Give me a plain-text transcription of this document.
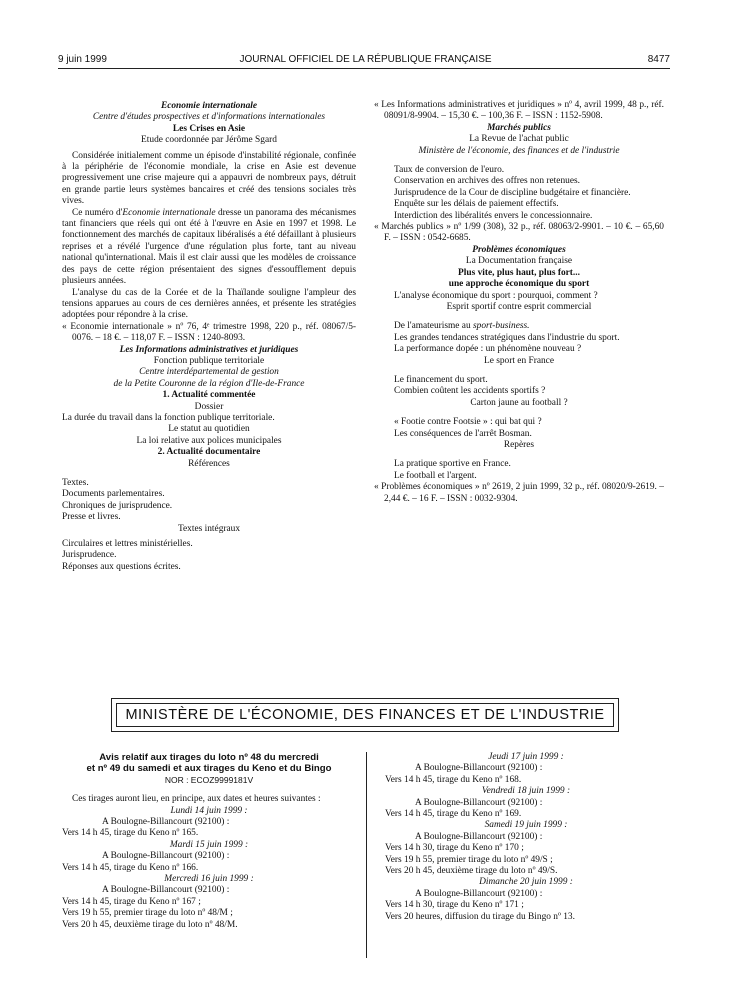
9 juin 1999	JOURNAL OFFICIEL DE LA RÉPUBLIQUE FRANÇAISE	8477
Economie internationale
Centre d'études prospectives et d'informations internationales
Les Crises en Asie
Etude coordonnée par Jérôme Sgard

Considérée initialement comme un épisode d'instabilité régionale, confinée à la périphérie de l'économie mondiale, la crise en Asie est devenue progressivement une crise majeure qui a appauvri de nombreux pays, détruit en grande partie leurs systèmes bancaires et créé des tensions sociales très vives.

Ce numéro d'Economie internationale dresse un panorama des mécanismes tant financiers que réels qui ont été à l'œuvre en Asie en 1997 et 1998. Le fonctionnement des marchés de capitaux libéralisés a été défaillant à plusieurs reprises et a révélé l'urgence d'une régulation plus forte, tant au niveau national qu'international. Mais il est clair aussi que les modèles de croissance des pays de cette région présentaient des signes d'essoufflement depuis plusieurs années.

L'analyse du cas de la Corée et de la Thaïlande souligne l'ampleur des tensions apparues au cours de ces dernières années, et présente les stratégies adoptées pour répondre à la crise.

« Economie internationale » nº 76, 4ᵉ trimestre 1998, 220 p., réf. 08067/5-0076. – 18 €. – 118,07 F. – ISSN : 1240-8093.

Les Informations administratives et juridiques
Fonction publique territoriale
Centre interdépartemental de gestion
de la Petite Couronne de la région d'Ile-de-France
1. Actualité commentée
Dossier
La durée du travail dans la fonction publique territoriale.
Le statut au quotidien
La loi relative aux polices municipales
2. Actualité documentaire
Références
Textes.
Documents parlementaires.
Chroniques de jurisprudence.
Presse et livres.
Textes intégraux
Circulaires et lettres ministérielles.
Jurisprudence.
Réponses aux questions écrites.

« Les Informations administratives et juridiques » nº 4, avril 1999, 48 p., réf. 08091/8-9904. – 15,30 €. – 100,36 F. – ISSN : 1152-5908.

Marchés publics
La Revue de l'achat public
Ministère de l'économie, des finances et de l'industrie
Taux de conversion de l'euro.
Conservation en archives des offres non retenues.
Jurisprudence de la Cour de discipline budgétaire et financière.
Enquête sur les délais de paiement effectifs.
Interdiction des libéralités envers le concessionnaire.

« Marchés publics » nº 1/99 (308), 32 p., réf. 08063/2-9901. – 10 €. – 65,60 F. – ISSN : 0542-6685.

Problèmes économiques
La Documentation française
Plus vite, plus haut, plus fort...
une approche économique du sport
L'analyse économique du sport : pourquoi, comment ?
Esprit sportif contre esprit commercial
De l'amateurisme au sport-business.
Les grandes tendances stratégiques dans l'industrie du sport.
La performance dopée : un phénomène nouveau ?
Le sport en France
Le financement du sport.
Combien coûtent les accidents sportifs ?
Carton jaune au football ?
« Footie contre Footsie » : qui bat qui ?
Les conséquences de l'arrêt Bosman.
Repères
La pratique sportive en France.
Le football et l'argent.

« Problèmes économiques » nº 2619, 2 juin 1999, 32 p., réf. 08020/9-2619. – 2,44 €. – 16 F. – ISSN : 0032-9304.

MINISTÈRE DE L'ÉCONOMIE, DES FINANCES ET DE L'INDUSTRIE
Avis relatif aux tirages du loto nº 48 du mercredi
et nº 49 du samedi et aux tirages du Keno et du Bingo
NOR : ECOZ9999181V

Ces tirages auront lieu, en principe, aux dates et heures suivantes :

Lundi 14 juin 1999 :
A Boulogne-Billancourt (92100) :
Vers 14 h 45, tirage du Keno nº 165.
Mardi 15 juin 1999 :
A Boulogne-Billancourt (92100) :
Vers 14 h 45, tirage du Keno nº 166.
Mercredi 16 juin 1999 :
A Boulogne-Billancourt (92100) :
Vers 14 h 45, tirage du Keno nº 167 ;
Vers 19 h 55, premier tirage du loto nº 48/M ;
Vers 20 h 45, deuxième tirage du loto nº 48/M.
Jeudi 17 juin 1999 :
A Boulogne-Billancourt (92100) :
Vers 14 h 45, tirage du Keno nº 168.
Vendredi 18 juin 1999 :
A Boulogne-Billancourt (92100) :
Vers 14 h 45, tirage du Keno nº 169.
Samedi 19 juin 1999 :
A Boulogne-Billancourt (92100) :
Vers 14 h 30, tirage du Keno nº 170 ;
Vers 19 h 55, premier tirage du loto nº 49/S ;
Vers 20 h 45, deuxième tirage du loto nº 49/S.
Dimanche 20 juin 1999 :
A Boulogne-Billancourt (92100) :
Vers 14 h 30, tirage du Keno nº 171 ;
Vers 20 heures, diffusion du tirage du Bingo nº 13.
